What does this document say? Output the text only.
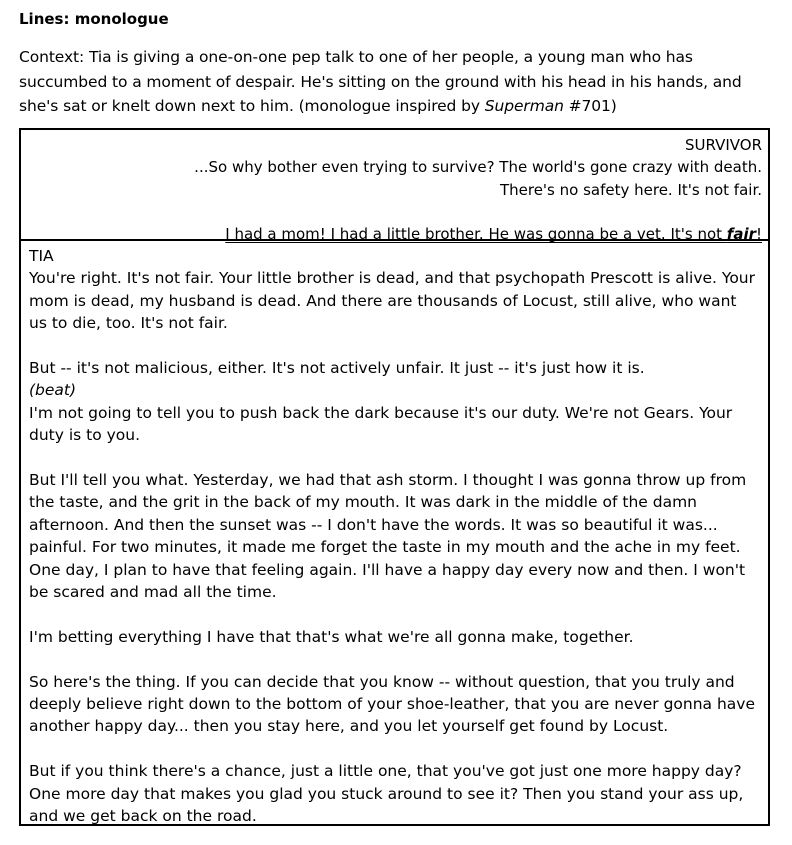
Lines: monologue
Context: Tia is giving a one-on-one pep talk to one of her people, a young man who has succumbed to a moment of despair. He's sitting on the ground with his head in his hands, and she's sat or knelt down next to him. (monologue inspired by Superman #701)

SURVIVOR

...So why bother even trying to survive? The world's gone crazy with death.

There's no safety here. It's not fair.

I had a mom! I had a little brother. He was gonna be a vet. It's not fair!

TIA

You're right. It's not fair. Your little brother is dead, and that psychopath Prescott is alive. Your mom is dead, my husband is dead. And there are thousands of Locust, still alive, who want us to die, too. It's not fair.

But -- it's not malicious, either. It's not actively unfair. It just -- it's just how it is.

(beat)

I'm not going to tell you to push back the dark because it's our duty. We're not Gears. Your duty is to you.

But I'll tell you what. Yesterday, we had that ash storm. I thought I was gonna throw up from the taste, and the grit in the back of my mouth. It was dark in the middle of the damn afternoon. And then the sunset was -- I don't have the words. It was so beautiful it was... painful. For two minutes, it made me forget the taste in my mouth and the ache in my feet.

One day, I plan to have that feeling again. I'll have a happy day every now and then. I won't be scared and mad all the time.

I'm betting everything I have that that's what we're all gonna make, together.

So here's the thing. If you can decide that you know -- without question, that you truly and deeply believe right down to the bottom of your shoe-leather, that you are never gonna have another happy day... then you stay here, and you let yourself get found by Locust.

But if you think there's a chance, just a little one, that you've got just one more happy day? One more day that makes you glad you stuck around to see it? Then you stand your ass up, and we get back on the road.
